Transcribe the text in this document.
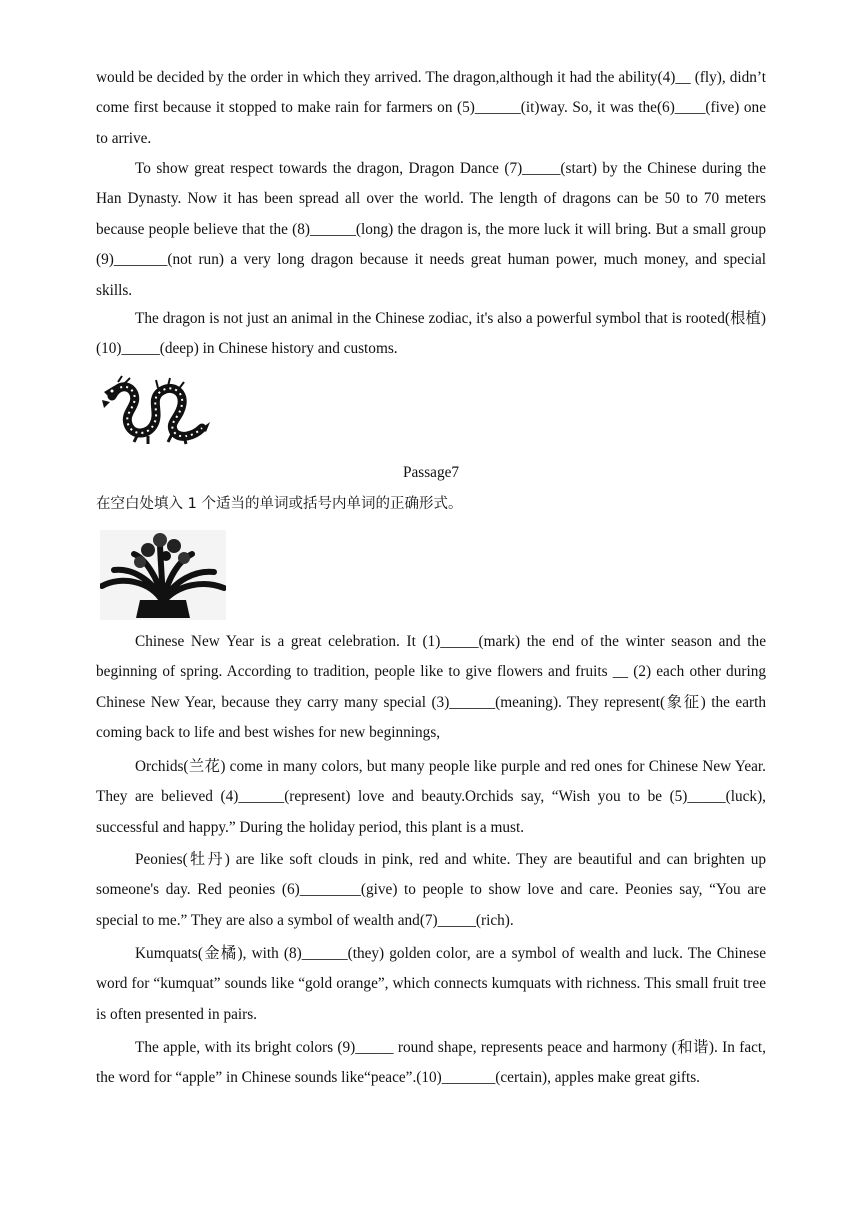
would be decided by the order in which they arrived. The dragon,although it had the ability(4)__ (fly), didn’t come first because it stopped to make rain for farmers on (5)______(it)way. So, it was the(6)____(five) one to arrive.

To show great respect towards the dragon, Dragon Dance (7)_____(start) by the Chinese during the Han Dynasty. Now it has been spread all over the world. The length of dragons can be 50 to 70 meters because people believe that the (8)______(long) the dragon is, the more luck it will bring. But a small group (9)_______(not run) a very long dragon because it needs great human power, much money, and special skills.

The dragon is not just an animal in the Chinese zodiac, it's also a powerful symbol that is rooted(根植)(10)_____(deep) in Chinese history and customs.

Passage7

在空白处填入 1 个适当的单词或括号内单词的正确形式。

Chinese New Year is a great celebration. It (1)_____(mark) the end of the winter season and the beginning of spring. According to tradition, people like to give flowers and fruits __ (2) each other during Chinese New Year, because they carry many special (3)______(meaning). They represent(象征) the earth coming back to life and best wishes for new beginnings,

Orchids(兰花) come in many colors, but many people like purple and red ones for Chinese New Year. They are believed (4)______(represent) love and beauty.Orchids say, “Wish you to be (5)_____(luck), successful and happy.” During the holiday period, this plant is a must.

Peonies(牡丹) are like soft clouds in pink, red and white. They are beautiful and can brighten up someone's day. Red peonies (6)________(give) to people to show love and care. Peonies say, “You are special to me.” They are also a symbol of wealth and(7)_____(rich).

Kumquats(金橘), with (8)______(they) golden color, are a symbol of wealth and luck. The Chinese word for “kumquat” sounds like “gold orange”, which connects kumquats with richness. This small fruit tree is often presented in pairs.

The apple, with its bright colors (9)_____ round shape, represents peace and harmony (和谐). In fact, the word for “apple” in Chinese sounds like“peace”.(10)_______(certain), apples make great gifts.
